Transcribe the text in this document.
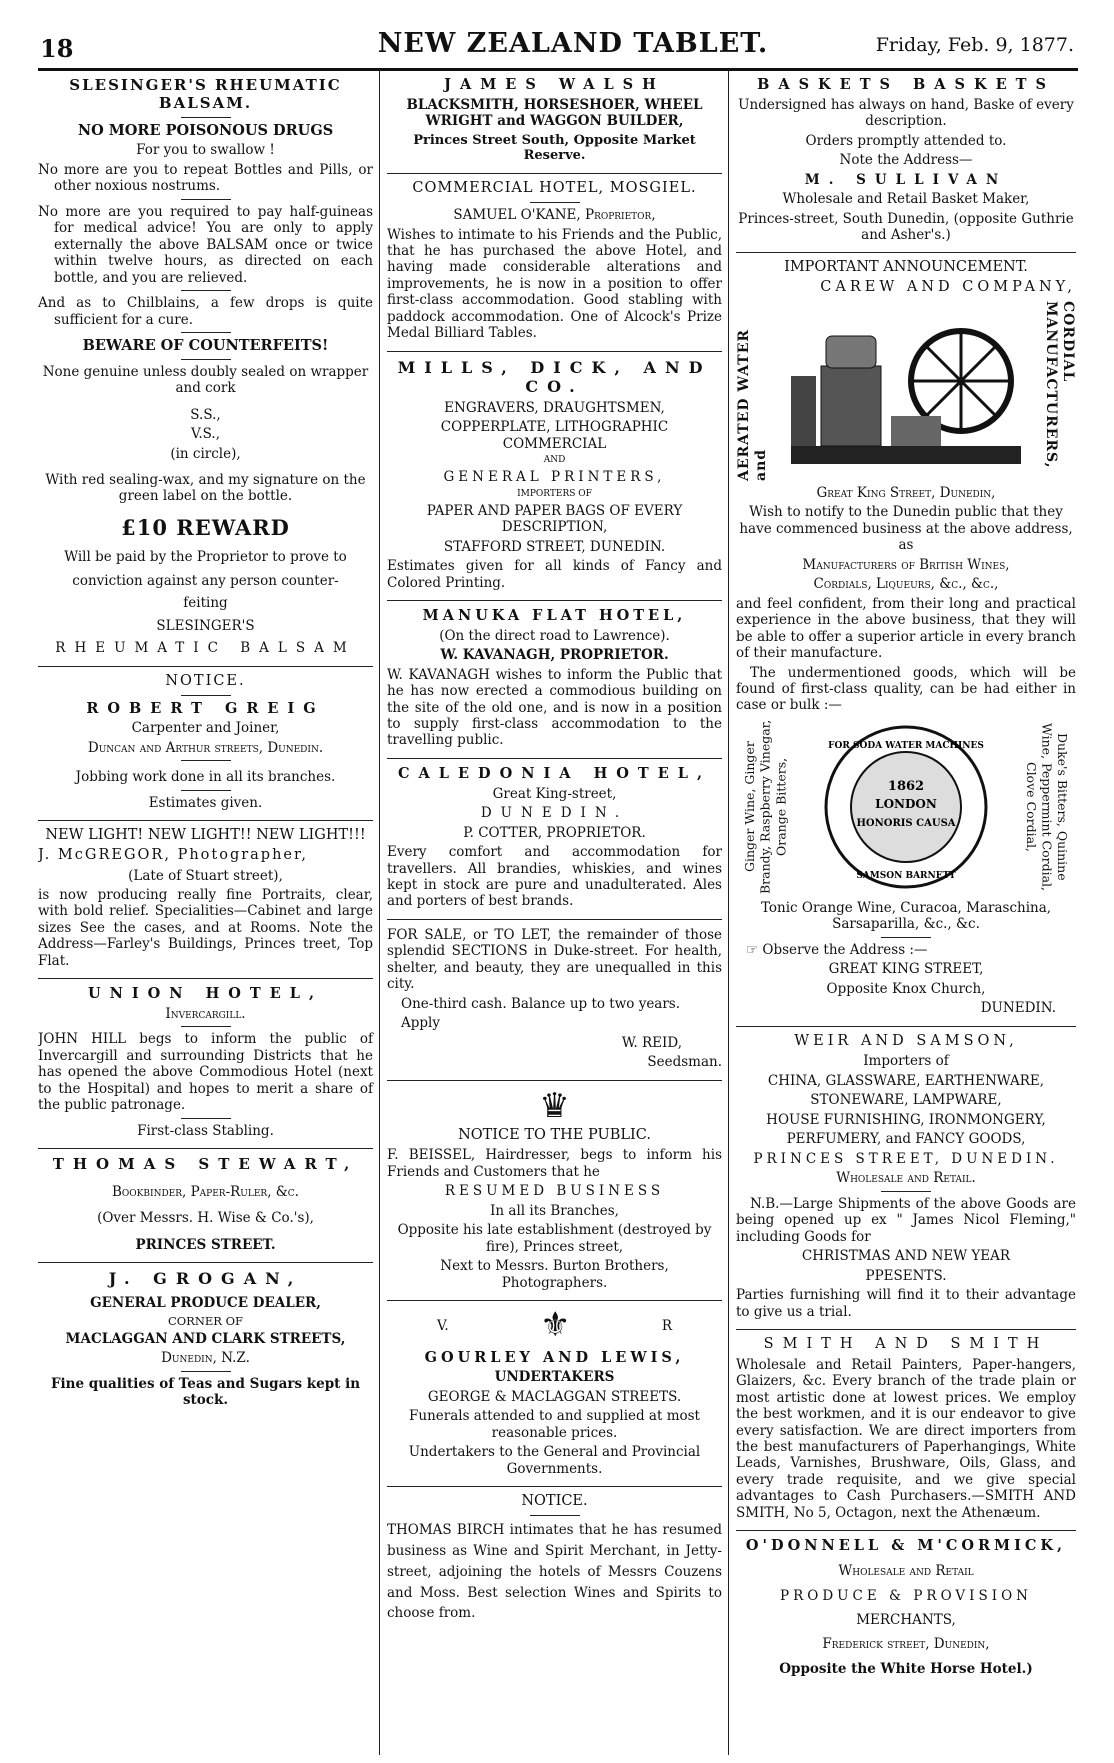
18	NEW ZEALAND TABLET.	Friday, Feb. 9, 1877.
SLESINGER'S RHEUMATIC BALSAM.
NO MORE POISONOUS DRUGS

For you to swallow !

No more are you to repeat Bottles and Pills, or other noxious nostrums.

No more are you required to pay half-guineas for medical advice! You are only to apply externally the above BALSAM once or twice within twelve hours, as directed on each bottle, and you are relieved.

And as to Chilblains, a few drops is quite sufficient for a cure.

BEWARE OF COUNTERFEITS!

None genuine unless doubly sealed on wrapper and cork

S.S.,

V.S.,

(in circle),

With red sealing-wax, and my signature on the green label on the bottle.

£10 REWARD

Will be paid by the Proprietor to prove to

conviction against any person counter-

feiting

SLESINGER'S

RHEUMATIC BALSAM

NOTICE.
ROBERT GREIG

Carpenter and Joiner,

Duncan and Arthur streets, Dunedin.

Jobbing work done in all its branches.

Estimates given.

NEW LIGHT! NEW LIGHT!! NEW LIGHT!!!
J. McGREGOR, Photographer,

(Late of Stuart street),

is now producing really fine Portraits, clear, with bold relief. Specialities—Cabinet and large sizes See the cases, and at Rooms. Note the Address—Farley's Buildings, Princes treet, Top Flat.

UNION HOTEL,

Invercargill.

JOHN HILL begs to inform the public of Invercargill and surrounding Districts that he has opened the above Commodious Hotel (next to the Hospital) and hopes to merit a share of the public patronage.

First-class Stabling.

THOMAS STEWART,

Bookbinder, Paper-Ruler, &c.

(Over Messrs. H. Wise & Co.'s),

PRINCES STREET.

J. GROGAN,

GENERAL PRODUCE DEALER,

CORNER OF

MACLAGGAN AND CLARK STREETS,

Dunedin, N.Z.

Fine qualities of Teas and Sugars kept in stock.

JAMES WALSH

BLACKSMITH, HORSESHOER, WHEEL WRIGHT and WAGGON BUILDER,

Princes Street South, Opposite Market Reserve.

COMMERCIAL HOTEL, MOSGIEL.

SAMUEL O'KANE, Proprietor,

Wishes to intimate to his Friends and the Public, that he has purchased the above Hotel, and having made considerable alterations and improvements, he is now in a position to offer first-class accommodation. Good stabling with paddock accommodation. One of Alcock's Prize Medal Billiard Tables.

MILLS, DICK, AND CO.

ENGRAVERS, DRAUGHTSMEN,

COPPERPLATE, LITHOGRAPHIC COMMERCIAL

AND

GENERAL PRINTERS,

IMPORTERS OF

PAPER AND PAPER BAGS OF EVERY DESCRIPTION,

STAFFORD STREET, DUNEDIN.

Estimates given for all kinds of Fancy and Colored Printing.

MANUKA FLAT HOTEL,

(On the direct road to Lawrence).

W. KAVANAGH, PROPRIETOR.

W. KAVANAGH wishes to inform the Public that he has now erected a commodious building on the site of the old one, and is now in a position to supply first-class accommodation to the travelling public.

CALEDONIA HOTEL,

Great King-street,

DUNEDIN.

P. COTTER, PROPRIETOR.

Every comfort and accommodation for travellers. All brandies, whiskies, and wines kept in stock are pure and unadulterated. Ales and porters of best brands.

FOR SALE, or TO LET, the remainder of those splendid SECTIONS in Duke-street. For health, shelter, and beauty, they are unequalled in this city.

One-third cash. Balance up to two years.

Apply

W. REID,

Seedsman.

♛
NOTICE TO THE PUBLIC.

F. BEISSEL, Hairdresser, begs to inform his Friends and Customers that he

RESUMED BUSINESS

In all its Branches,

Opposite his late establishment (destroyed by fire), Princes street,

Next to Messrs. Burton Brothers, Photographers.

V.	⚜	R
GOURLEY AND LEWIS,

UNDERTAKERS

GEORGE & MACLAGGAN STREETS.

Funerals attended to and supplied at most reasonable prices.

Undertakers to the General and Provincial Governments.

NOTICE.

THOMAS BIRCH intimates that he has resumed business as Wine and Spirit Merchant, in Jetty-street, adjoining the hotels of Messrs Couzens and Moss. Best selection Wines and Spirits to choose from.

BASKETS BASKETS

Undersigned has always on hand, Baske of every description.

Orders promptly attended to.

Note the Address—

M. SULLIVAN

Wholesale and Retail Basket Maker,

Princes-street, South Dunedin, (opposite Guthrie and Asher's.)

IMPORTANT ANNOUNCEMENT.
CAREW AND COMPANY,
AERATED WATER and
CORDIAL MANUFACTURERS,

Great King Street, Dunedin,

Wish to notify to the Dunedin public that they have commenced business at the above address, as

Manufacturers of British Wines,

Cordials, Liqueurs, &c., &c.,

and feel confident, from their long and practical experience in the above business, that they will be able to offer a superior article in every branch of their manufacture.

The undermentioned goods, which will be found of first-class quality, can be had either in case or bulk :—

Ginger Wine, Ginger Brandy, Raspberry Vinegar, Orange Bitters,
FOR SODA WATER MACHINES
1862
LONDON
HONORIS CAUSA
SAMSON BARNETT	Duke's Bitters, Quinine Wine, Peppermint Cordial, Clove Cordial,

Tonic Orange Wine, Curacoa, Maraschina, Sarsaparilla, &c., &c.

☞ Observe the Address :—

GREAT KING STREET,

Opposite Knox Church,

DUNEDIN.

WEIR AND SAMSON,

Importers of

CHINA, GLASSWARE, EARTHENWARE,

STONEWARE, LAMPWARE,

HOUSE FURNISHING, IRONMONGERY,

PERFUMERY, and FANCY GOODS,

PRINCES STREET, DUNEDIN.

Wholesale and Retail.

N.B.—Large Shipments of the above Goods are being opened up ex " James Nicol Fleming," including Goods for

CHRISTMAS AND NEW YEAR

PPESENTS.

Parties furnishing will find it to their advantage to give us a trial.

SMITH AND SMITH

Wholesale and Retail Painters, Paper-hangers, Glaizers, &c. Every branch of the trade plain or most artistic done at lowest prices. We employ the best workmen, and it is our endeavor to give every satisfaction. We are direct importers from the best manufacturers of Paperhangings, White Leads, Varnishes, Brushware, Oils, Glass, and every trade requisite, and we give special advantages to Cash Purchasers.—SMITH AND SMITH, No 5, Octagon, next the Athenæum.

O'DONNELL & M'CORMICK,

Wholesale and Retail

PRODUCE & PROVISION

MERCHANTS,

Frederick street, Dunedin,

Opposite the White Horse Hotel.)
